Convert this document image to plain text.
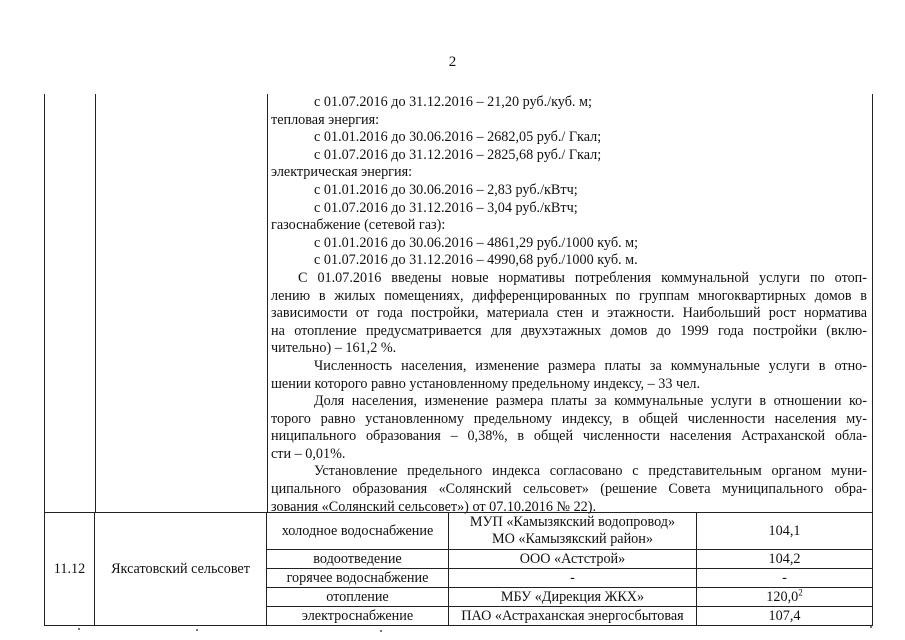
2
с 01.07.2016 до 31.12.2016 – 21,20 руб./куб. м;
тепловая энергия:
с 01.01.2016 до 30.06.2016 – 2682,05 руб./ Гкал;
с 01.07.2016 до 31.12.2016 – 2825,68 руб./ Гкал;
электрическая энергия:
с 01.01.2016 до 30.06.2016 – 2,83 руб./кВтч;
с 01.07.2016 до 31.12.2016 – 3,04 руб./кВтч;
газоснабжение (сетевой газ):
с 01.01.2016 до 30.06.2016 – 4861,29 руб./1000 куб. м;
с 01.07.2016 до 31.12.2016 – 4990,68 руб./1000 куб. м.
С 01.07.2016 введены новые нормативы потребления коммунальной услуги по отоп-
лению в жилых помещениях, дифференцированных по группам многоквартирных домов в
зависимости от года постройки, материала стен и этажности. Наибольший рост норматива
на отопление предусматривается для двухэтажных домов до 1999 года постройки (вклю-
чительно) – 161,2 %.
Численность населения, изменение размера платы за коммунальные услуги в отно-
шении которого равно установленному предельному индексу, – 33 чел.
Доля населения, изменение размера платы за коммунальные услуги в отношении ко-
торого равно установленному предельному индексу, в общей численности населения му-
ниципального образования – 0,38%, в общей численности населения Астраханской обла-
сти – 0,01%.
Установление предельного индекса согласовано с представительным органом муни-
ципального образования «Солянский сельсовет» (решение Совета муниципального обра-
зования «Солянский сельсовет») от 07.10.2016 № 22).
11.12	Яксатовский сельсовет	холодное водоснабжение	МУП «Камызякский водопровод»
МО «Камызякский район»	104,1
		водоотведение	ООО «Астстрой»	104,2
		горячее водоснабжение	-	-
		отопление	МБУ «Дирекция ЖКХ»	120,0$^2$
		электроснабжение	ПАО «Астраханская энергосбытовая	107,4
